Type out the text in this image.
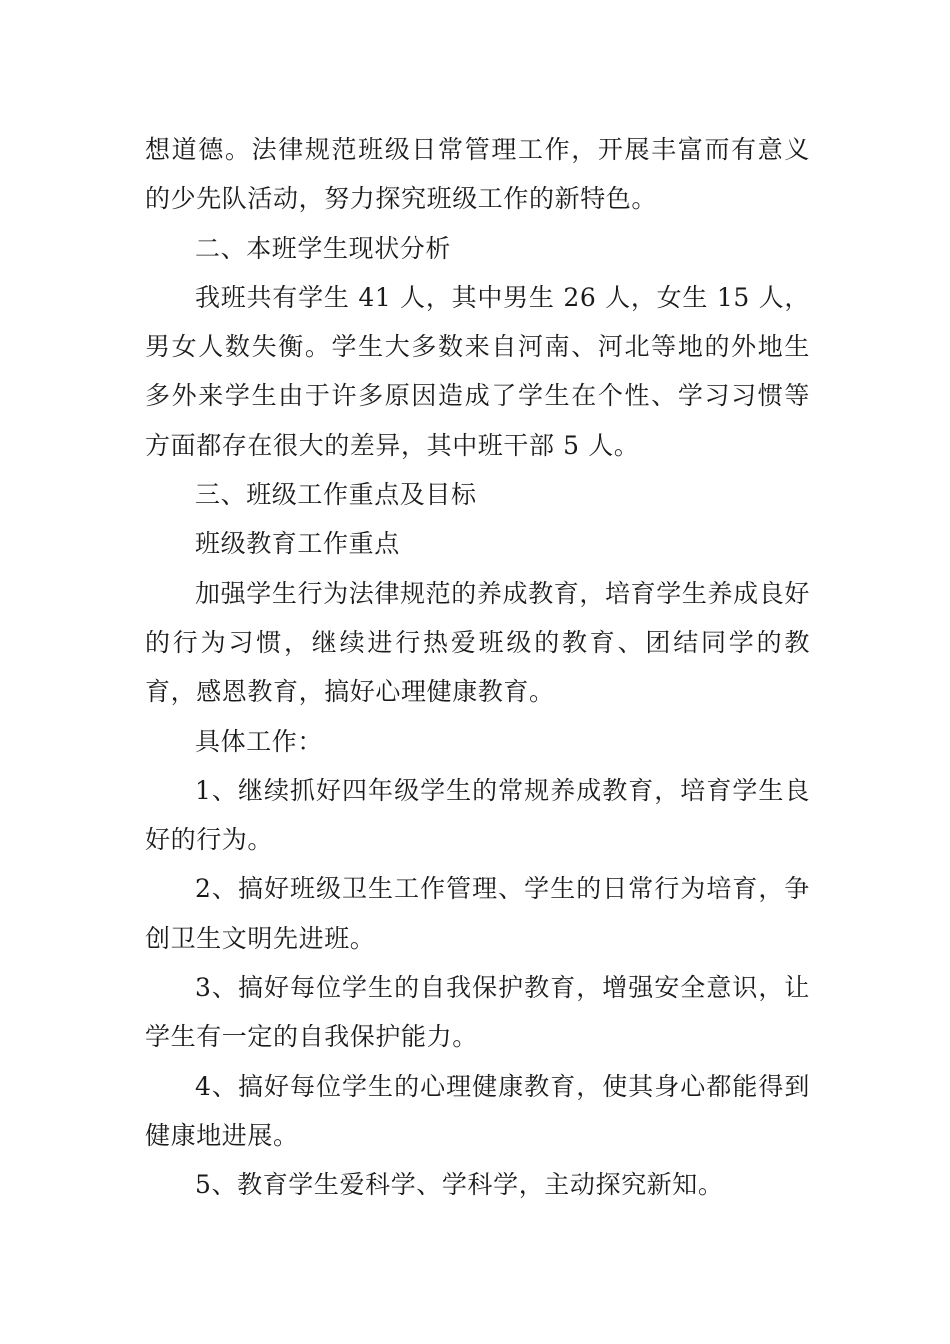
想道德。法律规范班级日常管理工作，开展丰富而有意义的少先队活动，努力探究班级工作的新特色。

二、本班学生现状分析

我班共有学生 41 人，其中男生 26 人，女生 15 人，男女人数失衡。学生大多数来自河南、河北等地的外地生多外来学生由于许多原因造成了学生在个性、学习习惯等方面都存在很大的差异，其中班干部 5 人。

三、班级工作重点及目标

班级教育工作重点

加强学生行为法律规范的养成教育，培育学生养成良好的行为习惯，继续进行热爱班级的教育、团结同学的教育，感恩教育，搞好心理健康教育。

具体工作：

1、继续抓好四年级学生的常规养成教育，培育学生良好的行为。

2、搞好班级卫生工作管理、学生的日常行为培育，争创卫生文明先进班。

3、搞好每位学生的自我保护教育，增强安全意识，让学生有一定的自我保护能力。

4、搞好每位学生的心理健康教育，使其身心都能得到健康地进展。

5、教育学生爱科学、学科学，主动探究新知。
